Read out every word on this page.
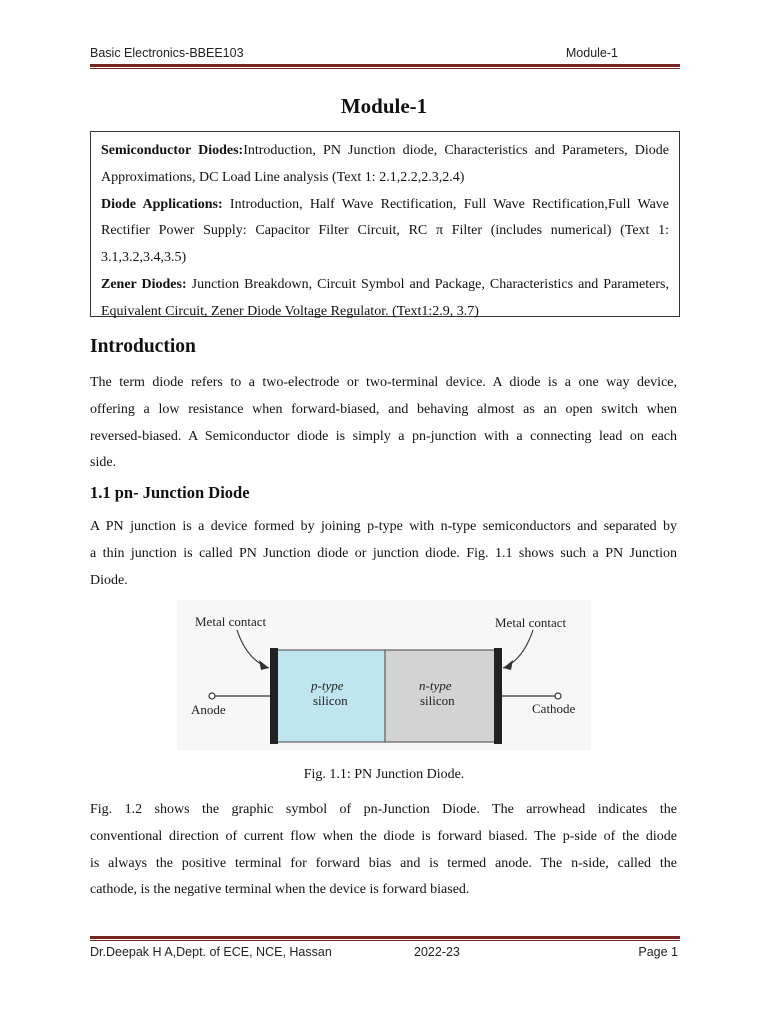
Basic Electronics-BBEE103	Module-1
Module-1

Semiconductor Diodes:Introduction, PN Junction diode, Characteristics and Parameters, Diode Approximations, DC Load Line analysis (Text 1: 2.1,2.2,2.3,2.4)

Diode Applications: Introduction, Half Wave Rectification, Full Wave Rectification,Full Wave Rectifier Power Supply: Capacitor Filter Circuit, RC π Filter (includes numerical) (Text 1: 3.1,3.2,3.4,3.5)

Zener Diodes: Junction Breakdown, Circuit Symbol and Package, Characteristics and Parameters, Equivalent Circuit, Zener Diode Voltage Regulator. (Text1:2.9, 3.7)

Introduction
The term diode refers to a two-electrode or two-terminal device. A diode is a one way device,
offering a low resistance when forward-biased, and behaving almost as an open switch when
reversed-biased. A Semiconductor diode is simply a pn-junction with a connecting lead on each
side.
1.1 pn- Junction Diode
A PN junction is a device formed by joining p-type with n-type semiconductors and separated by
a thin junction is called PN Junction diode or junction diode. Fig. 1.1 shows such a PN Junction
Diode.
Metal contact	Metal contact
Anode	Cathode
p-type
silicon
n-type
silicon
Fig. 1.1: PN Junction Diode.
Fig. 1.2 shows the graphic symbol of pn-Junction Diode. The arrowhead indicates the
conventional direction of current flow when the diode is forward biased. The p-side of the diode
is always the positive terminal for forward bias and is termed anode. The n-side, called the
cathode, is the negative terminal when the device is forward biased.
Dr.Deepak H A,Dept. of ECE, NCE, Hassan	2022-23	Page 1
